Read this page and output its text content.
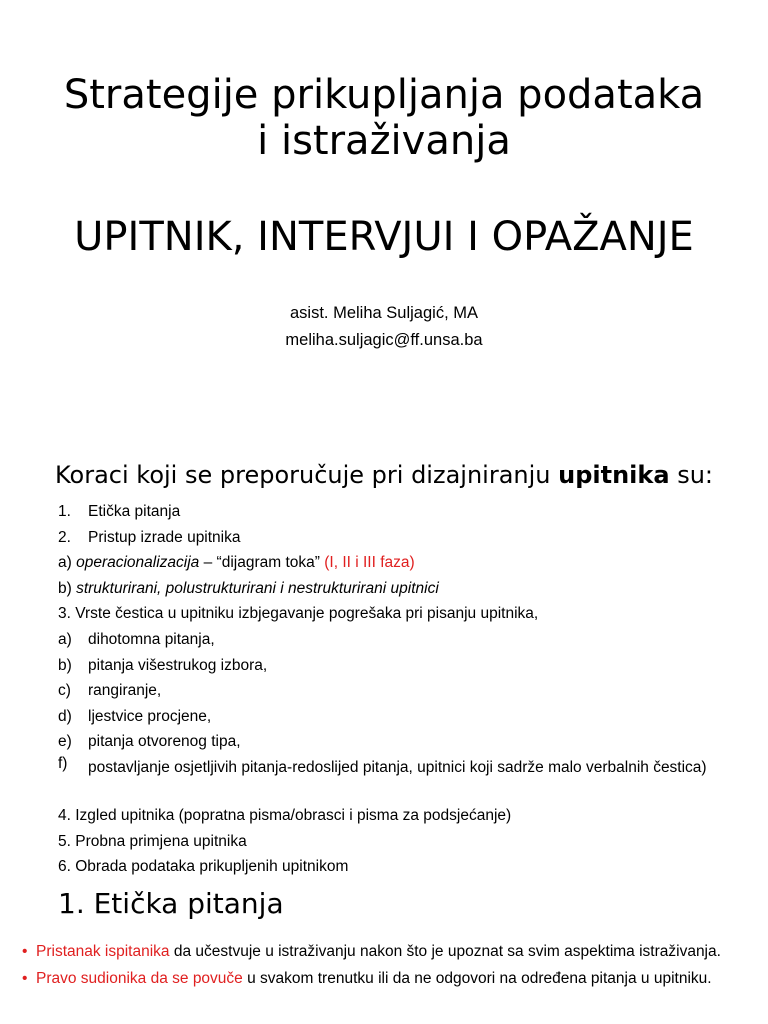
Strategije prikupljanja podataka
i istraživanja
UPITNIK, INTERVJUI I OPAŽANJE
asist. Meliha Suljagić, MA
meliha.suljagic@ff.unsa.ba
Koraci koji se preporučuje pri dizajniranju upitnika su:
1. Etička pitanja
2. Pristup izrade upitnika
a) operacionalizacija – “dijagram toka” (I, II i III faza)
b) strukturirani, polustrukturirani i nestrukturirani upitnici
3. Vrste čestica u upitniku izbjegavanje pogrešaka pri pisanju upitnika,
a) dihotomna pitanja,
b) pitanja višestrukog izbora,
c) rangiranje,
d) ljestvice procjene,
e) pitanja otvorenog tipa,
f) postavljanje osjetljivih pitanja-redoslijed pitanja, upitnici koji sadrže malo verbalnih čestica)
4. Izgled upitnika (popratna pisma/obrasci i pisma za podsjećanje)
5. Probna primjena upitnika
6. Obrada podataka prikupljenih upitnikom
1. Etička pitanja
• Pristanak ispitanika da učestvuje u istraživanju nakon što je upoznat sa svim aspektima istraživanja.
• Pravo sudionika da se povuče u svakom trenutku ili da ne odgovori na određena pitanja u upitniku.
